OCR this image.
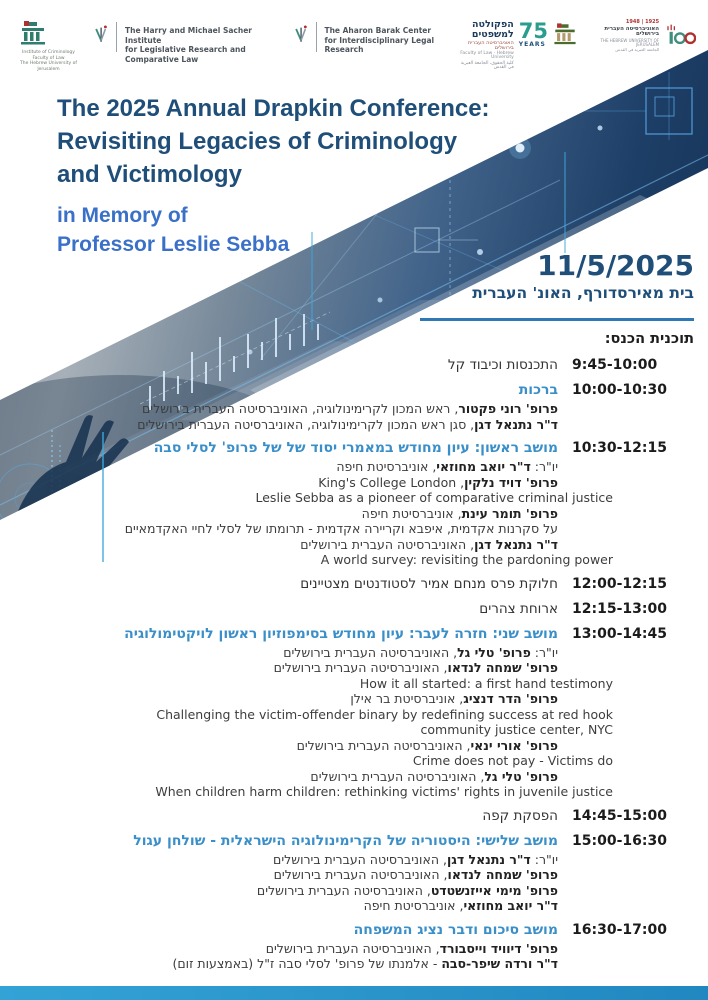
Institute of Criminology
Faculty of Law
The Hebrew University of Jerusalem
The Harry and Michael Sacher Institute
for Legislative Research and Comparative Law
The Aharon Barak Center
for Interdisciplinary Legal Research
הפקולטה למשפטים
האוניברסיטה העברית בירושלים
Faculty of Law · Hebrew University
كلية الحقوق، الجامعة العبرية في القدس
75
YEARS
1925 | 1948
האוניברסיטה העברית בירושלים
THE HEBREW UNIVERSITY OF JERUSALEM
الجامعة العبرية في القدس
The 2025 Annual Drapkin Conference:
Revisiting Legacies of Criminology
and Victimology
in Memory of
Professor Leslie Sebba
11/5/2025
בית מאירסדורף, האונ' העברית
תוכנית הכנס:
9:45-10:00
התכנסות וכיבוד קל
10:00-10:30
ברכות
פרופ' רוני פקטור, ראש המכון לקרימינולוגיה, האוניברסיטה העברית בירושלים
ד"ר נתנאל דגן, סגן ראש המכון לקרימינולוגיה, האוניברסיטה העברית בירושלים
10:30-12:15
מושב ראשון: עיון מחודש במאמרי יסוד של של פרופ' לסלי סבה
יו"ר: ד"ר יואב מחוזאי, אוניברסיטת חיפה
פרופ' דויד נלקין, King's College London
Leslie Sebba as a pioneer of comparative criminal justice
פרופ' תומר עינת, אוניברסיטת חיפה
על סקרנות אקדמית, איפבא וקריירה אקדמית - תרומתו של לסלי לחיי האקדמאיים
ד"ר נתנאל דגן, האוניברסיטה העברית בירושלים
A world survey: revisiting the pardoning power
12:00-12:15
חלוקת פרס מנחם אמיר לסטודנטים מצטיינים
12:15-13:00
ארוחת צהרים
13:00-14:45
מושב שני: חזרה לעבר: עיון מחודש בסימפוזיון ראשון לויקטימולוגיה
יו"ר: פרופ' טלי גל, האוניברסיטה העברית בירושלים
פרופ' שמחה לנדאו, האוניברסיטה העברית בירושלים
How it all started: a first hand testimony
פרופ' הדר דנציג, אוניברסיטת בר אילן
Challenging the victim-offender binary by redefining success at red hook community justice center, NYC
פרופ' אורי ינאי, האוניברסיטה העברית בירושלים
Crime does not pay - Victims do
פרופ' טלי גל, האוניברסיטה העברית בירושלים
When children harm children: rethinking victims' rights in juvenile justice
14:45-15:00
הפסקת קפה
15:00-16:30
מושב שלישי: היסטוריה של הקרימינולוגיה הישראלית - שולחן עגול
יו"ר: ד"ר נתנאל דגן, האוניברסיטה העברית בירושלים
פרופ' שמחה לנדאו, האוניברסיטה העברית בירושלים
פרופ' מימי אייזנשטדט, האוניברסיטה העברית בירושלים
ד"ר יואב מחוזאי, אוניברסיטת חיפה
16:30-17:00
מושב סיכום ודבר נציג המשפחה
פרופ' דיוויד וייסבורד, האוניברסיטה העברית בירושלים
ד"ר ורדה שיפר-סבה - אלמנתו של פרופ' לסלי סבה ז"ל (באמצעות זום)
